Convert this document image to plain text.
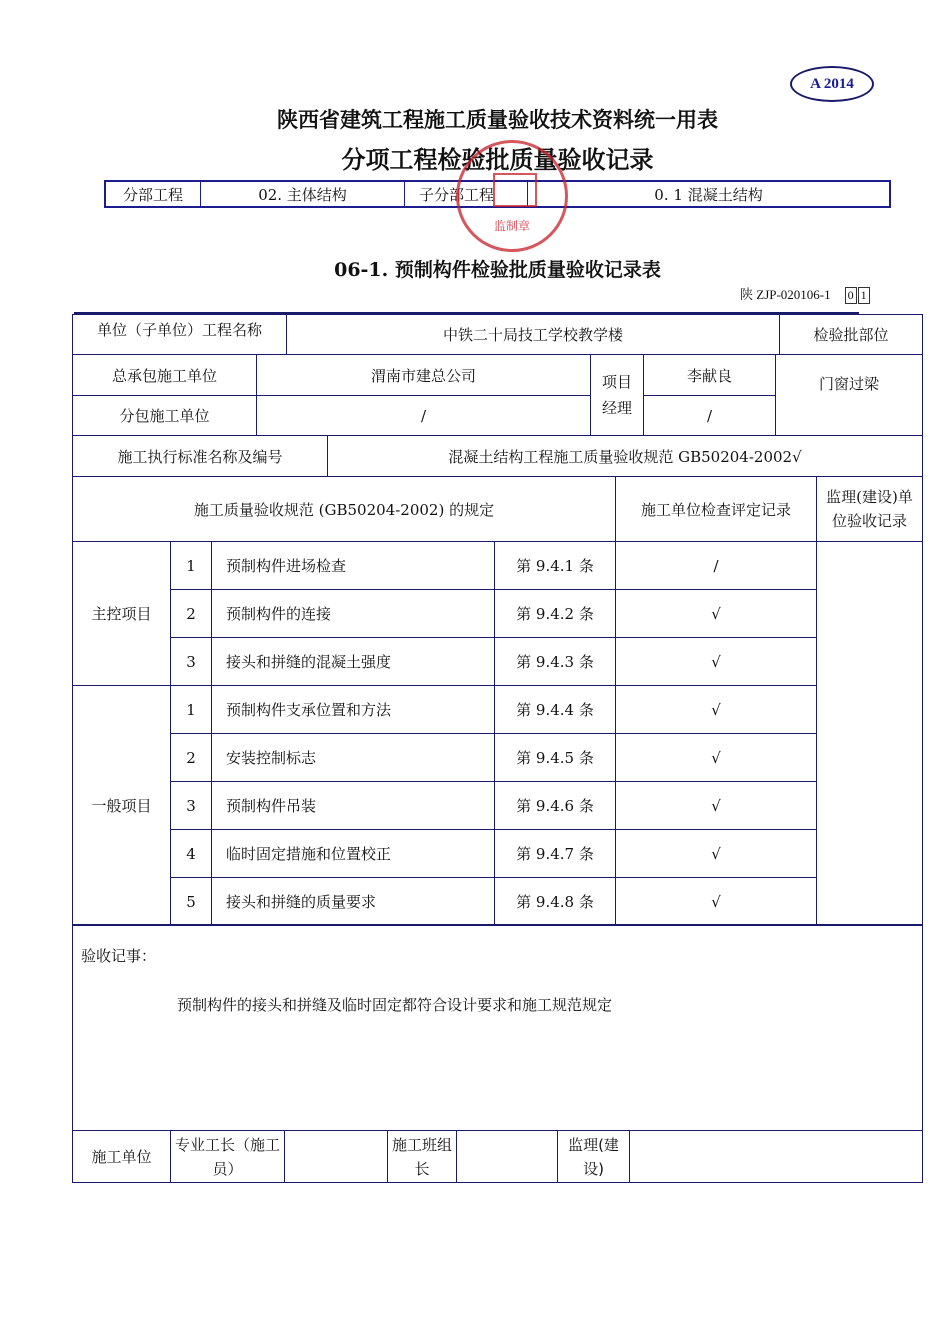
A 2014
陕西省建筑工程施工质量验收技术资料统一用表
分项工程检验批质量验收记录
分部工程	02. 主体结构	子分部工程	0. 1 混凝土结构
监制章
06-1. 预制构件检验批质量验收记录表
陕 ZJP-020106-1 0 1
单位（子单位）工程名称	中铁二十局技工学校教学楼	检验批部位
总承包施工单位	渭南市建总公司	项目经理	李献良	门窗过梁
分包施工单位	/		/	
施工执行标准名称及编号	混凝土结构工程施工质量验收规范 GB50204-2002√
施工质量验收规范 (GB50204-2002) 的规定				施工单位检查评定记录	监理(建设)单位验收记录
主控项目	1	预制构件进场检查	第 9.4.1 条	/	
	2	预制构件的连接	第 9.4.2 条	√	
	3	接头和拼缝的混凝土强度	第 9.4.3 条	√	
一般项目	1	预制构件支承位置和方法	第 9.4.4 条	√	
	2	安装控制标志	第 9.4.5 条	√	
	3	预制构件吊装	第 9.4.6 条	√	
	4	临时固定措施和位置校正	第 9.4.7 条	√	
	5	接头和拼缝的质量要求	第 9.4.8 条	√	
验收记事：
预制构件的接头和拼缝及临时固定都符合设计要求和施工规范规定
施工单位	专业工长（施工员）		施工班组 长		监理(建设)	
